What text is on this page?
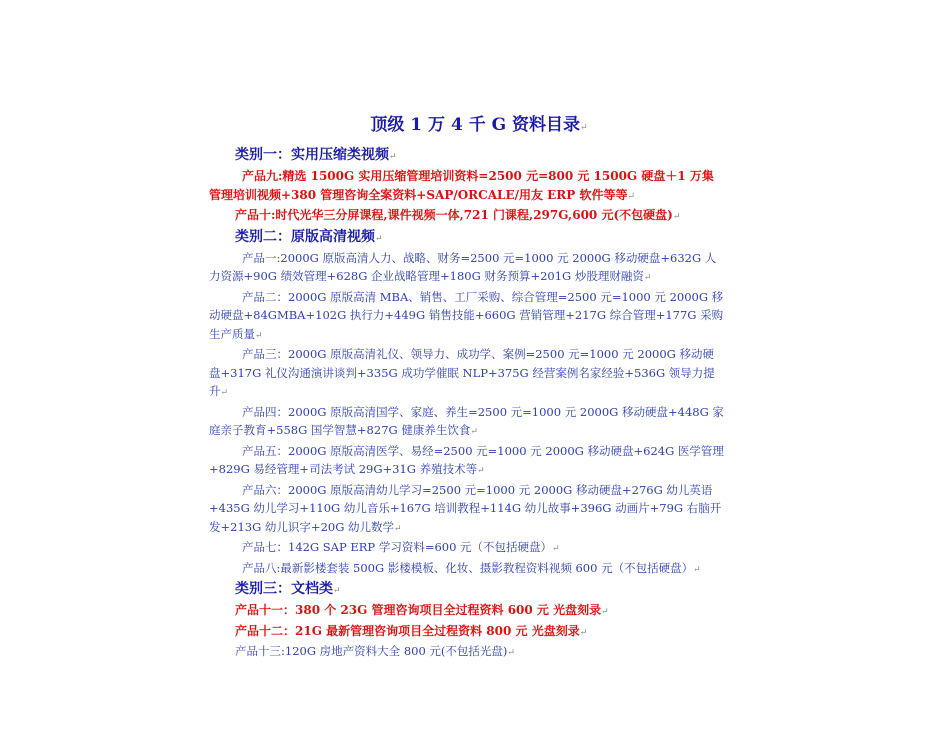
顶级 1 万 4 千 G 资料目录↵
类别一：实用压缩类视频↵

产品九:精选 1500G 实用压缩管理培训资料=2500 元=800 元 1500G 硬盘＋1 万集管理培训视频+380 管理咨询全案资料+SAP/ORCALE/用友 ERP 软件等等↵

产品十:时代光华三分屏课程,课件视频一体,721 门课程,297G,600 元(不包硬盘)↵

类别二：原版高清视频↵

产品一:2000G 原版高清人力、战略、财务=2500 元=1000 元 2000G 移动硬盘+632G 人力资源+90G 绩效管理+628G 企业战略管理+180G 财务预算+201G 炒股理财融资↵

产品二：2000G 原版高清 MBA、销售、工厂采购、综合管理=2500 元=1000 元 2000G 移动硬盘+84GMBA+102G 执行力+449G 销售技能+660G 营销管理+217G 综合管理+177G 采购生产质量↵

产品三：2000G 原版高清礼仪、领导力、成功学、案例=2500 元=1000 元 2000G 移动硬盘+317G 礼仪沟通演讲谈判+335G 成功学催眠 NLP+375G 经营案例名家经验+536G 领导力提升↵

产品四：2000G 原版高清国学、家庭、养生=2500 元=1000 元 2000G 移动硬盘+448G 家庭亲子教育+558G 国学智慧+827G 健康养生饮食↵

产品五：2000G 原版高清医学、易经=2500 元=1000 元 2000G 移动硬盘+624G 医学管理+829G 易经管理+司法考试 29G+31G 养殖技术等↵

产品六：2000G 原版高清幼儿学习=2500 元=1000 元 2000G 移动硬盘+276G 幼儿英语+435G 幼儿学习+110G 幼儿音乐+167G 培训教程+114G 幼儿故事+396G 动画片+79G 右脑开发+213G 幼儿识字+20G 幼儿数学↵

产品七：142G SAP ERP 学习资料=600 元（不包括硬盘）↵

产品八:最新影楼套装 500G 影楼模板、化妆、摄影教程资料视频 600 元（不包括硬盘）↵

类别三：文档类↵

产品十一：380 个 23G 管理咨询项目全过程资料 600 元 光盘刻录↵

产品十二：21G 最新管理咨询项目全过程资料 800 元 光盘刻录↵

产品十三:120G 房地产资料大全 800 元(不包括光盘)↵
